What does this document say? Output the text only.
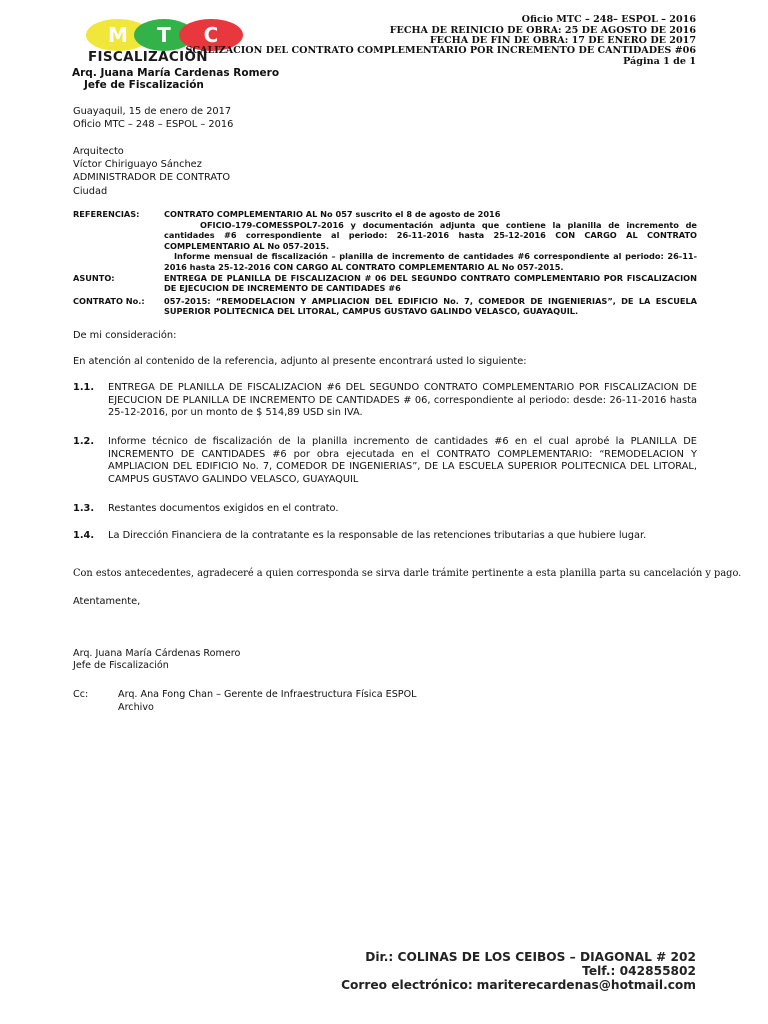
M T C
FISCALIZACIÓN
Oficio MTC – 248– ESPOL – 2016
FECHA DE REINICIO DE OBRA: 25 DE AGOSTO DE 2016
FECHA DE FIN DE OBRA: 17 DE ENERO DE 2017
SCALIZACION DEL CONTRATO COMPLEMENTARIO POR INCREMENTO DE CANTIDADES #06
Página 1 de 1
Arq. Juana María Cardenas Romero
Jefe de Fiscalización
Guayaquil, 15 de enero de 2017
Oficio MTC – 248 – ESPOL – 2016
Arquitecto
Víctor Chiriguayo Sánchez
ADMINISTRADOR DE CONTRATO
Ciudad
REFERENCIAS:	CONTRATO COMPLEMENTARIO AL No 057 suscrito el 8 de agosto de 2016
OFICIO-179-COMESSPOL7-2016 y documentación adjunta que contiene la planilla de incremento de cantidades #6 correspondiente al periodo: 26-11-2016 hasta 25-12-2016 CON CARGO AL CONTRATO COMPLEMENTARIO AL No 057-2015.
Informe mensual de fiscalización – planilla de incremento de cantidades #6 correspondiente al periodo: 26-11-2016 hasta 25-12-2016 CON CARGO AL CONTRATO COMPLEMENTARIO AL No 057-2015.
ASUNTO:	ENTREGA DE PLANILLA DE FISCALIZACION # 06 DEL SEGUNDO CONTRATO COMPLEMENTARIO POR FISCALIZACION DE EJECUCION DE INCREMENTO DE CANTIDADES #6
CONTRATO No.:	057-2015: “REMODELACION Y AMPLIACION DEL EDIFICIO No. 7, COMEDOR DE INGENIERIAS”, DE LA ESCUELA SUPERIOR POLITECNICA DEL LITORAL, CAMPUS GUSTAVO GALINDO VELASCO, GUAYAQUIL.
De mi consideración:
En atención al contenido de la referencia, adjunto al presente encontrará usted lo siguiente:
1.1.	ENTREGA DE PLANILLA DE FISCALIZACION #6 DEL SEGUNDO CONTRATO COMPLEMENTARIO POR FISCALIZACION DE EJECUCION DE PLANILLA DE INCREMENTO DE CANTIDADES # 06, correspondiente al periodo: desde: 26-11-2016 hasta 25-12-2016, por un monto de $ 514,89 USD sin IVA.
1.2.	Informe técnico de fiscalización de la planilla incremento de cantidades #6 en el cual aprobé la PLANILLA DE INCREMENTO DE CANTIDADES #6 por obra ejecutada en el CONTRATO COMPLEMENTARIO: “REMODELACION Y AMPLIACION DEL EDIFICIO No. 7, COMEDOR DE INGENIERIAS”, DE LA ESCUELA SUPERIOR POLITECNICA DEL LITORAL, CAMPUS GUSTAVO GALINDO VELASCO, GUAYAQUIL
1.3.	Restantes documentos exigidos en el contrato.
1.4.	La Dirección Financiera de la contratante es la responsable de las retenciones tributarias a que hubiere lugar.
Con estos antecedentes, agradeceré a quien corresponda se sirva darle trámite pertinente a esta planilla parta su cancelación y pago.
Atentamente,
Arq. Juana María Cárdenas Romero
Jefe de Fiscalización
Cc:	Arq. Ana Fong Chan – Gerente de Infraestructura Física ESPOL
Archivo
Dir.: COLINAS DE LOS CEIBOS – DIAGONAL # 202
Telf.: 042855802
Correo electrónico: mariterecardenas@hotmail.com
